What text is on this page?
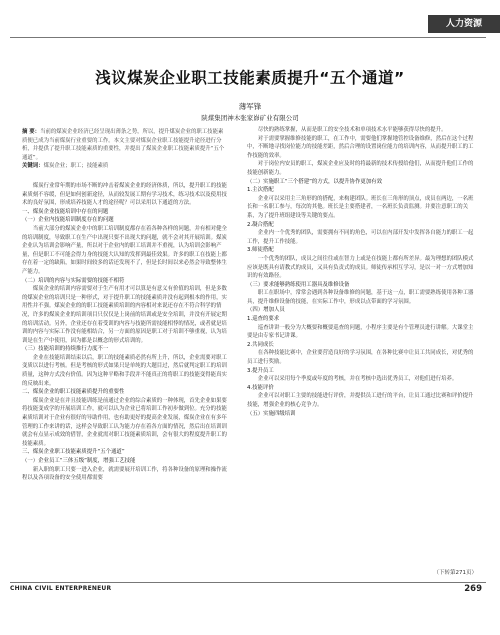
人力资源
浅议煤炭企业职工技能素质提升“五个通道”
薄军锋
陕煤集团神木张家峁矿业有限公司
摘 要：当前的煤炭企业经济已经呈现出薄条之势，所以，提升煤炭企业的职工技能素质便已成为当前煤炭行业重要的工作。本文主要对煤炭企业职工技能提升途径进行分析，并提供了提升职工技能素质的重要性，并提出了煤炭企业职工技能素质提升“五个通道”。
关键词：煤炭企业；职工；技能素质

煤炭行业常年期的市场不断的冲击着煤炭企业的经济体质，所以，提升职工的技能素质刻不容缓，但是如何创新途径，从而较发展工期有学习技术，练习技术以及使用技术的良好氛围，形成培养技能人才的途径呢？可以采用以下通道的方法。

一、煤炭企业技能培训中存在的问题

（一）企业内技能培训制度存在的问题

当前大部分的煤炭企业中的职工培训制度都存在着各种各样的问题，并有相对健全的培训制度，导致职工在生产中出现只要不出现大的问题，就不会对其开展培训。煤炭企业认为培训会影响产量，所以对于企业内的职工培训并不重视，认为培训会影响产量，但是职工不可能会得力身的技能大认知的发挥到最佳效果。许多的职工在技能上都存在着一定的缺陷，如果时间较多的话还发现不了，但是长时间以来必然会导致整体生产能力。

（二）培训的内容与实际需要的技能不相符

煤炭企业的培训内容需要对于生产有用才可以算是有意义有价值的培训，但是多数的煤炭企业的培训只是一种形式，对于提升职工的技能素质并没有起到根本的作用，实用性并不强。煤炭企业的的职工技能素质培训的内容相对来说还存在不符合科学的情况，许多的煤炭企业的培训项目只仅仅是上岗前的培训或是安全培训，并没有开展定期的培训活动。另外，企业还存在着受训的内容与技能所需技能相悖的情况，或者就是培训的内容与实际工作没有能相结合，另一方面的原因是职工对于培训不够重视，认为培训是在生产中使用，因为都是以概念的形式培训的。

（三）技能培训的持续推行力度不一

企业在技能培训结束以后，职工的技能素质必然有所上升，所以，企业需要对职工变质以以进行考核。但是考核的形式如果只是单纯的大题目过，然后就判定职工的培训质量，这种方式没有价值。因为这种平略和手段并不能真正的将职工的技能变得能真实的反映出来。

二、煤炭企业的职工技能素质提升的重要性

煤炭企业是在并且技能训练是前通过企业的综合素质的一种体现，首先企业如果要将技能变成学的开展培训工作，就可以认为企业已将培训工作初步做到位。充分的技能素质培训对于企业有很好的导助作用，也有助更好的提高企业发展，煤炭企业在有多年管理的工作来讲的话，这样会导致职工认为能力存在着各方面的情况，然后出在培训训就会有点显示成效的借智，企业就需对职工技能素质培训，会有很大的程度提升职工的技能素质。

三、煤炭企业职工技能素质提升“五个通道”

（一）企业员工“三体五级”制度，增强工艺技能

新入职的职工只要一进入企业，就需要展开培训工作，将各种设备的原理和操作流程以及各项设备的安全使用都需要

尽快的熟练掌握，从而是职工的安全技术和单项技术水平能够获得尽快的提升。

对于需要掌握维修技能的职工，在工作中，需要他们掌握地管控设备维修，然后在这个过程中，不断地寻找岗位能力的技能差距，然后合理的设置岗位能力的培训内容，从而提升职工的工作技能的效率。

对于岗位内安员的职工，煤炭企业应及时的将最新的技术传授给他们，从而提升他们工作的技能创新能力。

（二）实施职工“三个搭建”的方式，以提升协作更加有效

1.主次搭配

企业可以采用主三角形的的搭配，来构建团队。班长在三角形的顶点，成员在两边，一名班长和一名职工参与，每次的其他。班长是主要搭建者，一名班长负责监测。并要注意职工的关系，为了提升班组建设等关键的要点。

2.凝合搭配

企业内一个优秀的团队，需要拥有不同的角色，可以在内部开发中发挥各自能力的职工一起工作，提升工作技能。

3.师徒搭配

一个优秀的团队，成员之间往往或在智力上或是在技能上都有所差异。最为理想的团队模式应该是既具有请教式的成员，又具有负责式的成员。师徒传承相互学习，是以一对一方式增加知识的有效路径。

（三）要求能够熟练使用工器具及维修设备

职工在职场中，常常会遇到各种设备维修的问题，基于这一点，职工需要熟练使用各种工器具，提升维修设备的技能，在实际工作中，形成以点带面的学习氛围。

（四）增加人员

1.巡查的要求

巡查讲讲一般分为大概要和概要巡查的问题，小程序主要是有个管理员进行讲解。大课堂主要是由专家书记讲课。

2.共同成长

在各种技能比赛中，企业要营造良好的学习氛围，在各种比赛中让员工共同成长，对优秀的员工进行奖励。

3.提升员工

企业可以采用每个季度或年度的考核，并在考核中选出优秀员工，对他们进行培养。

4.技能评价

企业可以对职工主要的技能进行评价，并提供员工进行的平台，让员工通过比赛和评价提升技能，增强企业的核心竞争力。

（五）实施四级培训

（下转第271页）
CHINA CIVIL ENTERPRENEUR	269
